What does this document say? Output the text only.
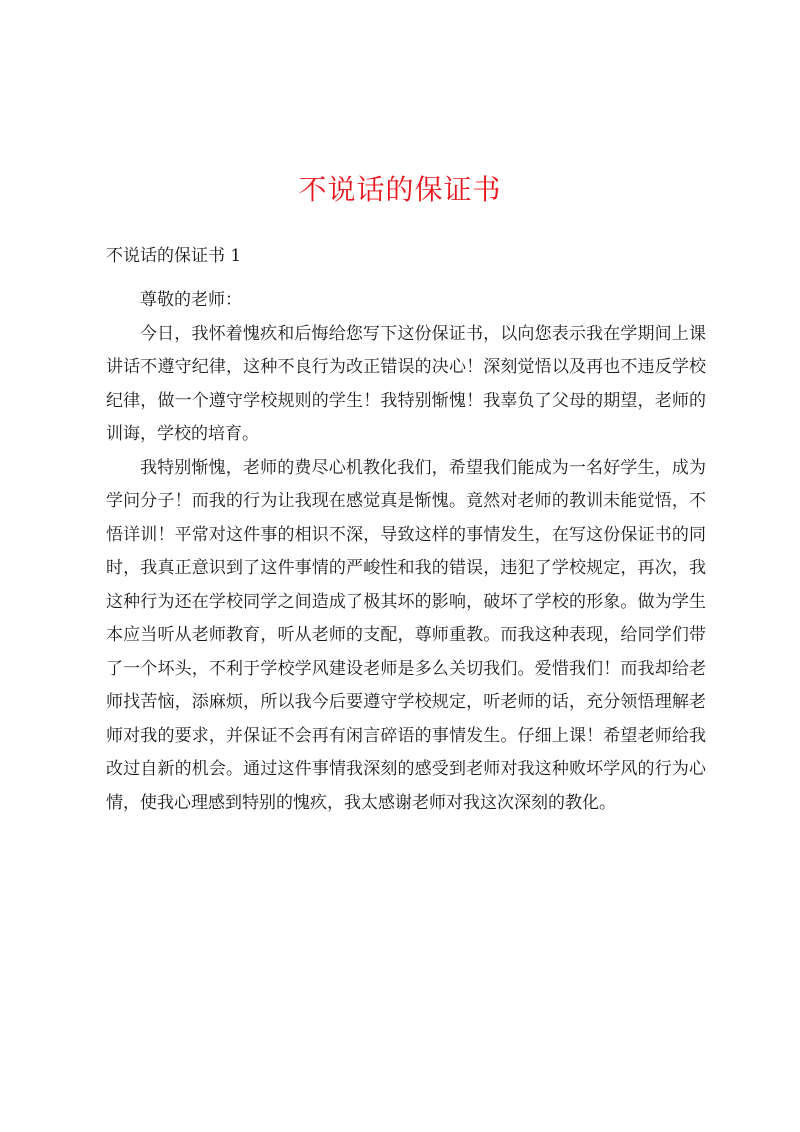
不说话的保证书

不说话的保证书 1

尊敬的老师：

今日，我怀着愧疚和后悔给您写下这份保证书，以向您表示我在学期间上课讲话不遵守纪律，这种不良行为改正错误的决心！深刻觉悟以及再也不违反学校纪律，做一个遵守学校规则的学生！我特别惭愧！我辜负了父母的期望，老师的训诲，学校的培育。

我特别惭愧，老师的费尽心机教化我们，希望我们能成为一名好学生，成为学问分子！而我的行为让我现在感觉真是惭愧。竟然对老师的教训未能觉悟，不悟详训！平常对这件事的相识不深，导致这样的事情发生，在写这份保证书的同时，我真正意识到了这件事情的严峻性和我的错误，违犯了学校规定，再次，我这种行为还在学校同学之间造成了极其坏的影响，破坏了学校的形象。做为学生本应当听从老师教育，听从老师的支配，尊师重教。而我这种表现，给同学们带了一个坏头，不利于学校学风建设老师是多么关切我们。爱惜我们！而我却给老师找苦恼，添麻烦，所以我今后要遵守学校规定，听老师的话，充分领悟理解老师对我的要求，并保证不会再有闲言碎语的事情发生。仔细上课！希望老师给我改过自新的机会。通过这件事情我深刻的感受到老师对我这种败坏学风的行为心情，使我心理感到特别的愧疚，我太感谢老师对我这次深刻的教化。
